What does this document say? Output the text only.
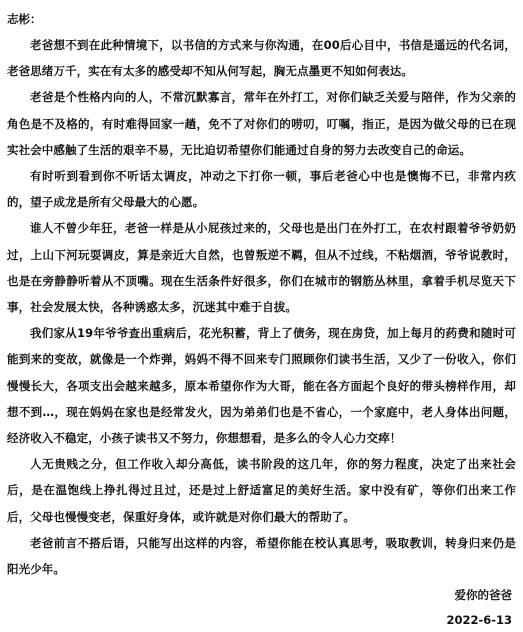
志彬：

老爸想不到在此种情境下，以书信的方式来与你沟通，在00后心目中，书信是遥远的代名词，老爸思绪万千，实在有太多的感受却不知从何写起，胸无点墨更不知如何表达。

老爸是个性格内向的人，不常沉默寡言，常年在外打工，对你们缺乏关爱与陪伴，作为父亲的角色是不及格的，有时难得回家一趟，免不了对你们的唠叨，叮嘱，指正，是因为做父母的已在现实社会中感触了生活的艰辛不易，无比迫切希望你们能通过自身的努力去改变自己的命运。

有时听到看到你不听话太调皮，冲动之下打你一顿，事后老爸心中也是懊悔不已，非常内疚的，望子成龙是所有父母最大的心愿。

谁人不曾少年狂，老爸一样是从小屁孩过来的，父母也是出门在外打工，在农村跟着爷爷奶奶过，上山下河玩耍调皮，算是亲近大自然，也曾叛逆不羁，但从不过线，不粘烟酒，爷爷说教时，也是在旁静静听着从不顶嘴。现在生活条件好很多，你们在城市的钢筋丛林里，拿着手机尽览天下事，社会发展太快，各种诱惑太多，沉迷其中难于自拔。

我们家从19年爷爷查出重病后，花光积蓄，背上了债务，现在房贷，加上每月的药费和随时可能到来的变故，就像是一个炸弹，妈妈不得不回来专门照顾你们读书生活，又少了一份收入，你们慢慢长大，各项支出会越来越多，原本希望你作为大哥，能在各方面起个良好的带头榜样作用，却想不到…，现在妈妈在家也是经常发火，因为弟弟们也是不省心，一个家庭中，老人身体出问题，经济收入不稳定，小孩子读书又不努力，你想想看，是多么的令人心力交瘁！

人无贵贱之分，但工作收入却分高低，读书阶段的这几年，你的努力程度，决定了出来社会后，是在温饱线上挣扎得过且过，还是过上舒适富足的美好生活。家中没有矿，等你们出来工作后，父母也慢慢变老，保重好身体，或许就是对你们最大的帮助了。

老爸前言不搭后语，只能写出这样的内容，希望你能在校认真思考，吸取教训，转身归来仍是阳光少年。

爱你的爸爸

2022-6-13
